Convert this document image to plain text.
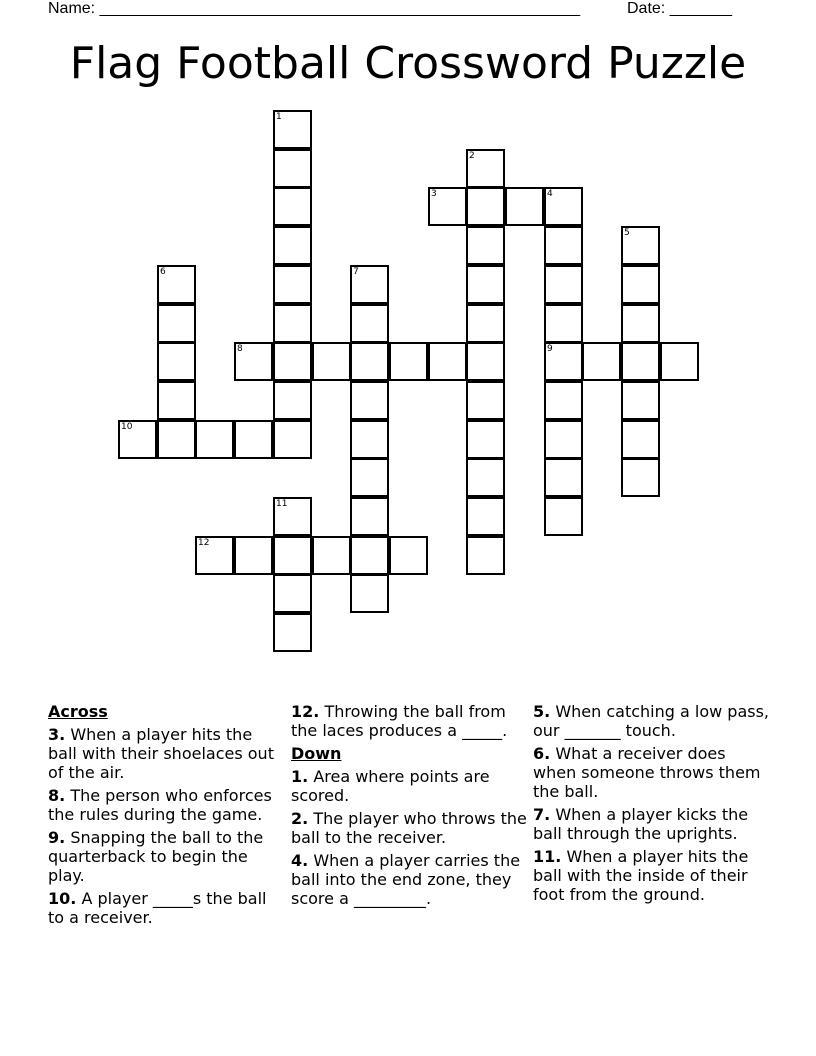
Name: ______________________________________________________	Date: _______
Flag Football Crossword Puzzle
1
2
3	4
9
5
6	7
8
10
11
12
Across
3. When a player hits the ball with their shoelaces out of the air.
8. The person who enforces the rules during the game.
9. Snapping the ball to the quarterback to begin the play.
10. A player _____s the ball to a receiver.
12. Throwing the ball from the laces produces a _____.
Down
1. Area where points are scored.
2. The player who throws the ball to the receiver.
4. When a player carries the ball into the end zone, they score a _________.
5. When catching a low pass, our _______ touch.
6. What a receiver does when someone throws them the ball.
7. When a player kicks the ball through the uprights.
11. When a player hits the ball with the inside of their foot from the ground.
